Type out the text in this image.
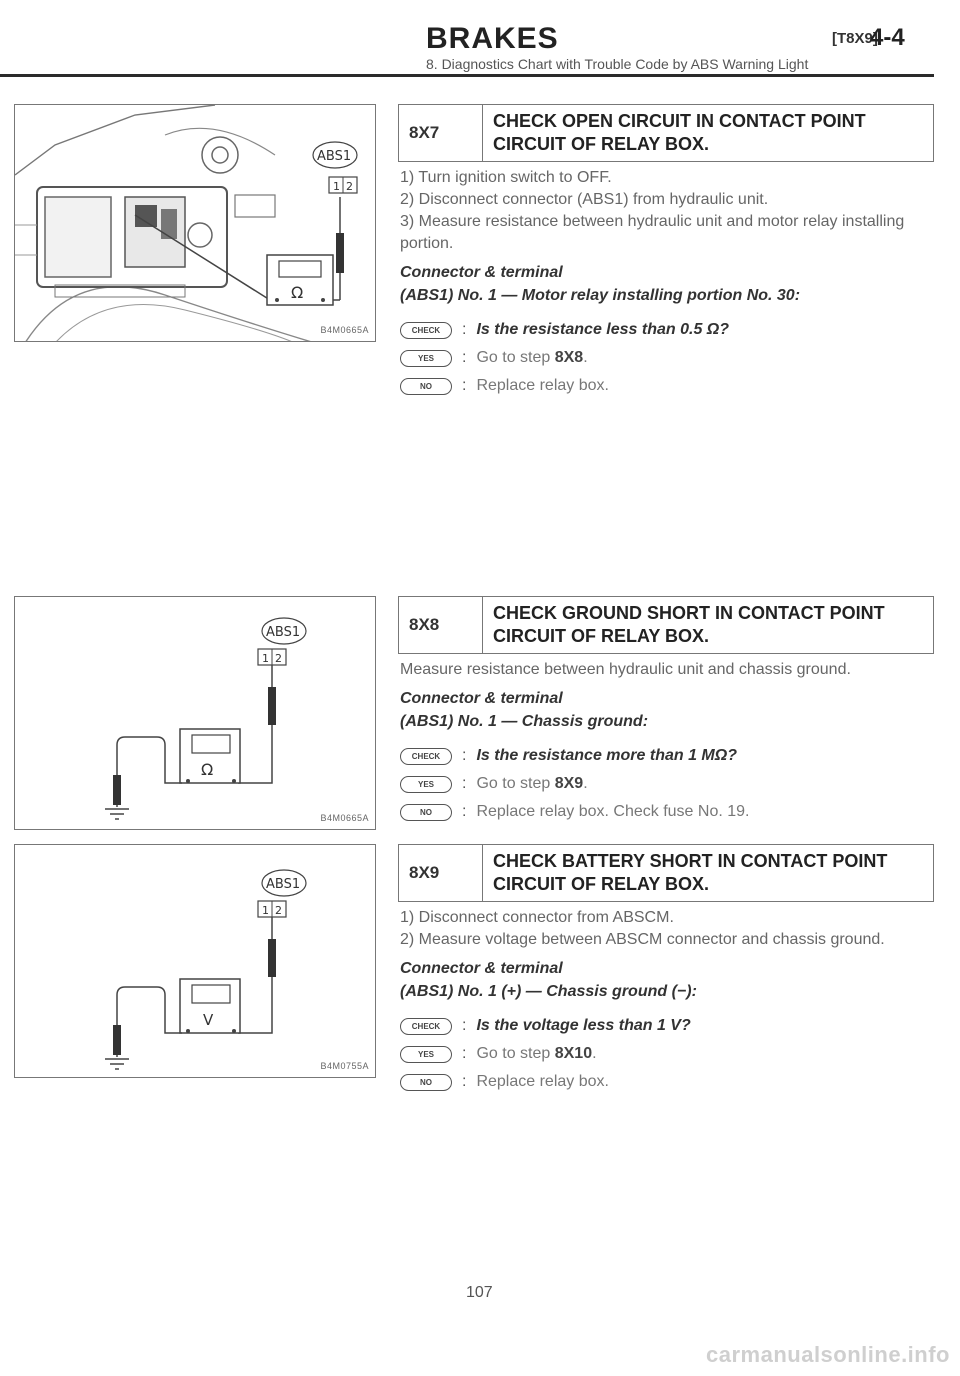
BRAKES	[T8X9]
4-4
8. Diagnostics Chart with Trouble Code by ABS Warning Light
Ω
1 2
ABS1
B4M0665A
ABS1
1 2
Ω
B4M0665A
ABS1
1 2
V
B4M0755A
8X7
CHECK OPEN CIRCUIT IN CONTACT POINT CIRCUIT OF RELAY BOX.

1) Turn ignition switch to OFF.

2) Disconnect connector (ABS1) from hydraulic unit.

3) Measure resistance between hydraulic unit and motor relay installing portion.

Connector & terminal
(ABS1) No. 1 — Motor relay installing portion No. 30:
CHECK	: Is the resistance less than 0.5 Ω?
YES	: Go to step 8X8.
NO	: Replace relay box.
8X8
CHECK GROUND SHORT IN CONTACT POINT CIRCUIT OF RELAY BOX.

Measure resistance between hydraulic unit and chassis ground.

Connector & terminal
(ABS1) No. 1 — Chassis ground:
CHECK	: Is the resistance more than 1 MΩ?
YES	: Go to step 8X9.
NO	: Replace relay box. Check fuse No. 19.
8X9
CHECK BATTERY SHORT IN CONTACT POINT CIRCUIT OF RELAY BOX.

1) Disconnect connector from ABSCM.

2) Measure voltage between ABSCM connector and chassis ground.

Connector & terminal
(ABS1) No. 1 (+) — Chassis ground (−):
CHECK	: Is the voltage less than 1 V?
YES	: Go to step 8X10.
NO	: Replace relay box.
107
carmanualsonline.info
